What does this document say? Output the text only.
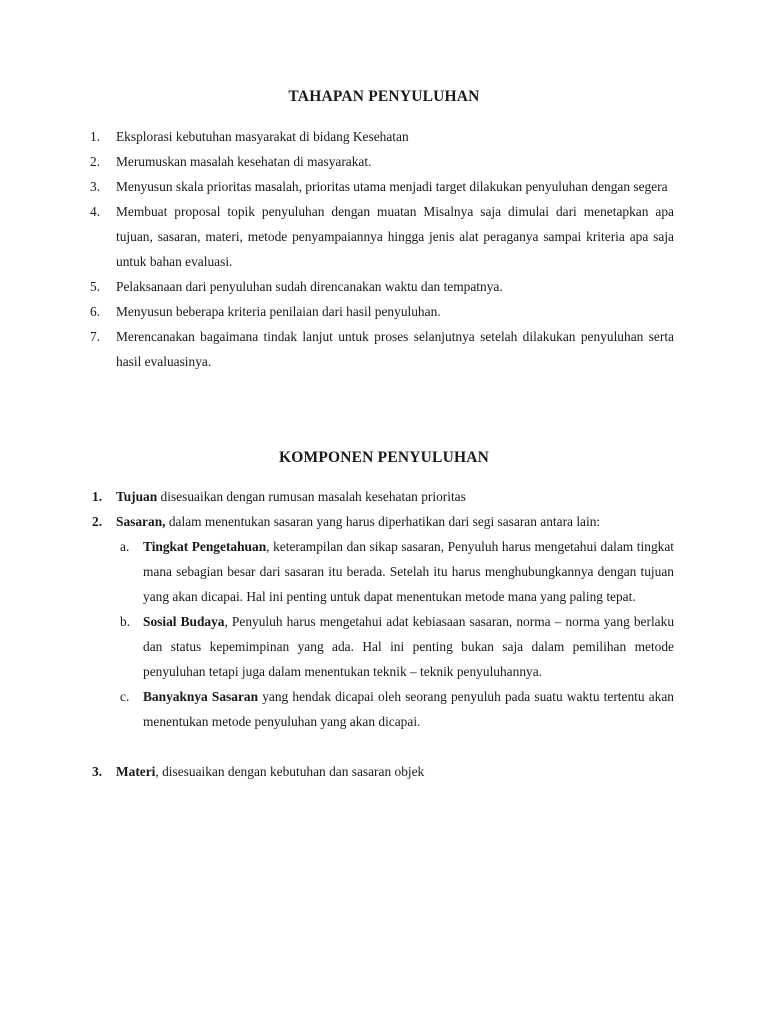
TAHAPAN PENYULUHAN
1. Eksplorasi kebutuhan masyarakat di bidang Kesehatan
2. Merumuskan masalah kesehatan di masyarakat.
3. Menyusun skala prioritas masalah, prioritas utama menjadi target dilakukan penyuluhan dengan segera
4. Membuat proposal topik penyuluhan dengan muatan Misalnya saja dimulai dari menetapkan apa tujuan, sasaran, materi, metode penyampaiannya hingga jenis alat peraganya sampai kriteria apa saja untuk bahan evaluasi.
5. Pelaksanaan dari penyuluhan sudah direncanakan waktu dan tempatnya.
6. Menyusun beberapa kriteria penilaian dari hasil penyuluhan.
7. Merencanakan bagaimana tindak lanjut untuk proses selanjutnya setelah dilakukan penyuluhan serta hasil evaluasinya.
KOMPONEN PENYULUHAN
1. Tujuan disesuaikan dengan rumusan masalah kesehatan prioritas
2. Sasaran, dalam menentukan sasaran yang harus diperhatikan dari segi sasaran antara lain:
a. Tingkat Pengetahuan, keterampilan dan sikap sasaran, Penyuluh harus mengetahui dalam tingkat mana sebagian besar dari sasaran itu berada. Setelah itu harus menghubungkannya dengan tujuan yang akan dicapai. Hal ini penting untuk dapat menentukan metode mana yang paling tepat.
b. Sosial Budaya, Penyuluh harus mengetahui adat kebiasaan sasaran, norma – norma yang berlaku dan status kepemimpinan yang ada. Hal ini penting bukan saja dalam pemilihan metode penyuluhan tetapi juga dalam menentukan teknik – teknik penyuluhannya.
c. Banyaknya Sasaran yang hendak dicapai oleh seorang penyuluh pada suatu waktu tertentu akan menentukan metode penyuluhan yang akan dicapai.
3. Materi, disesuaikan dengan kebutuhan dan sasaran objek
